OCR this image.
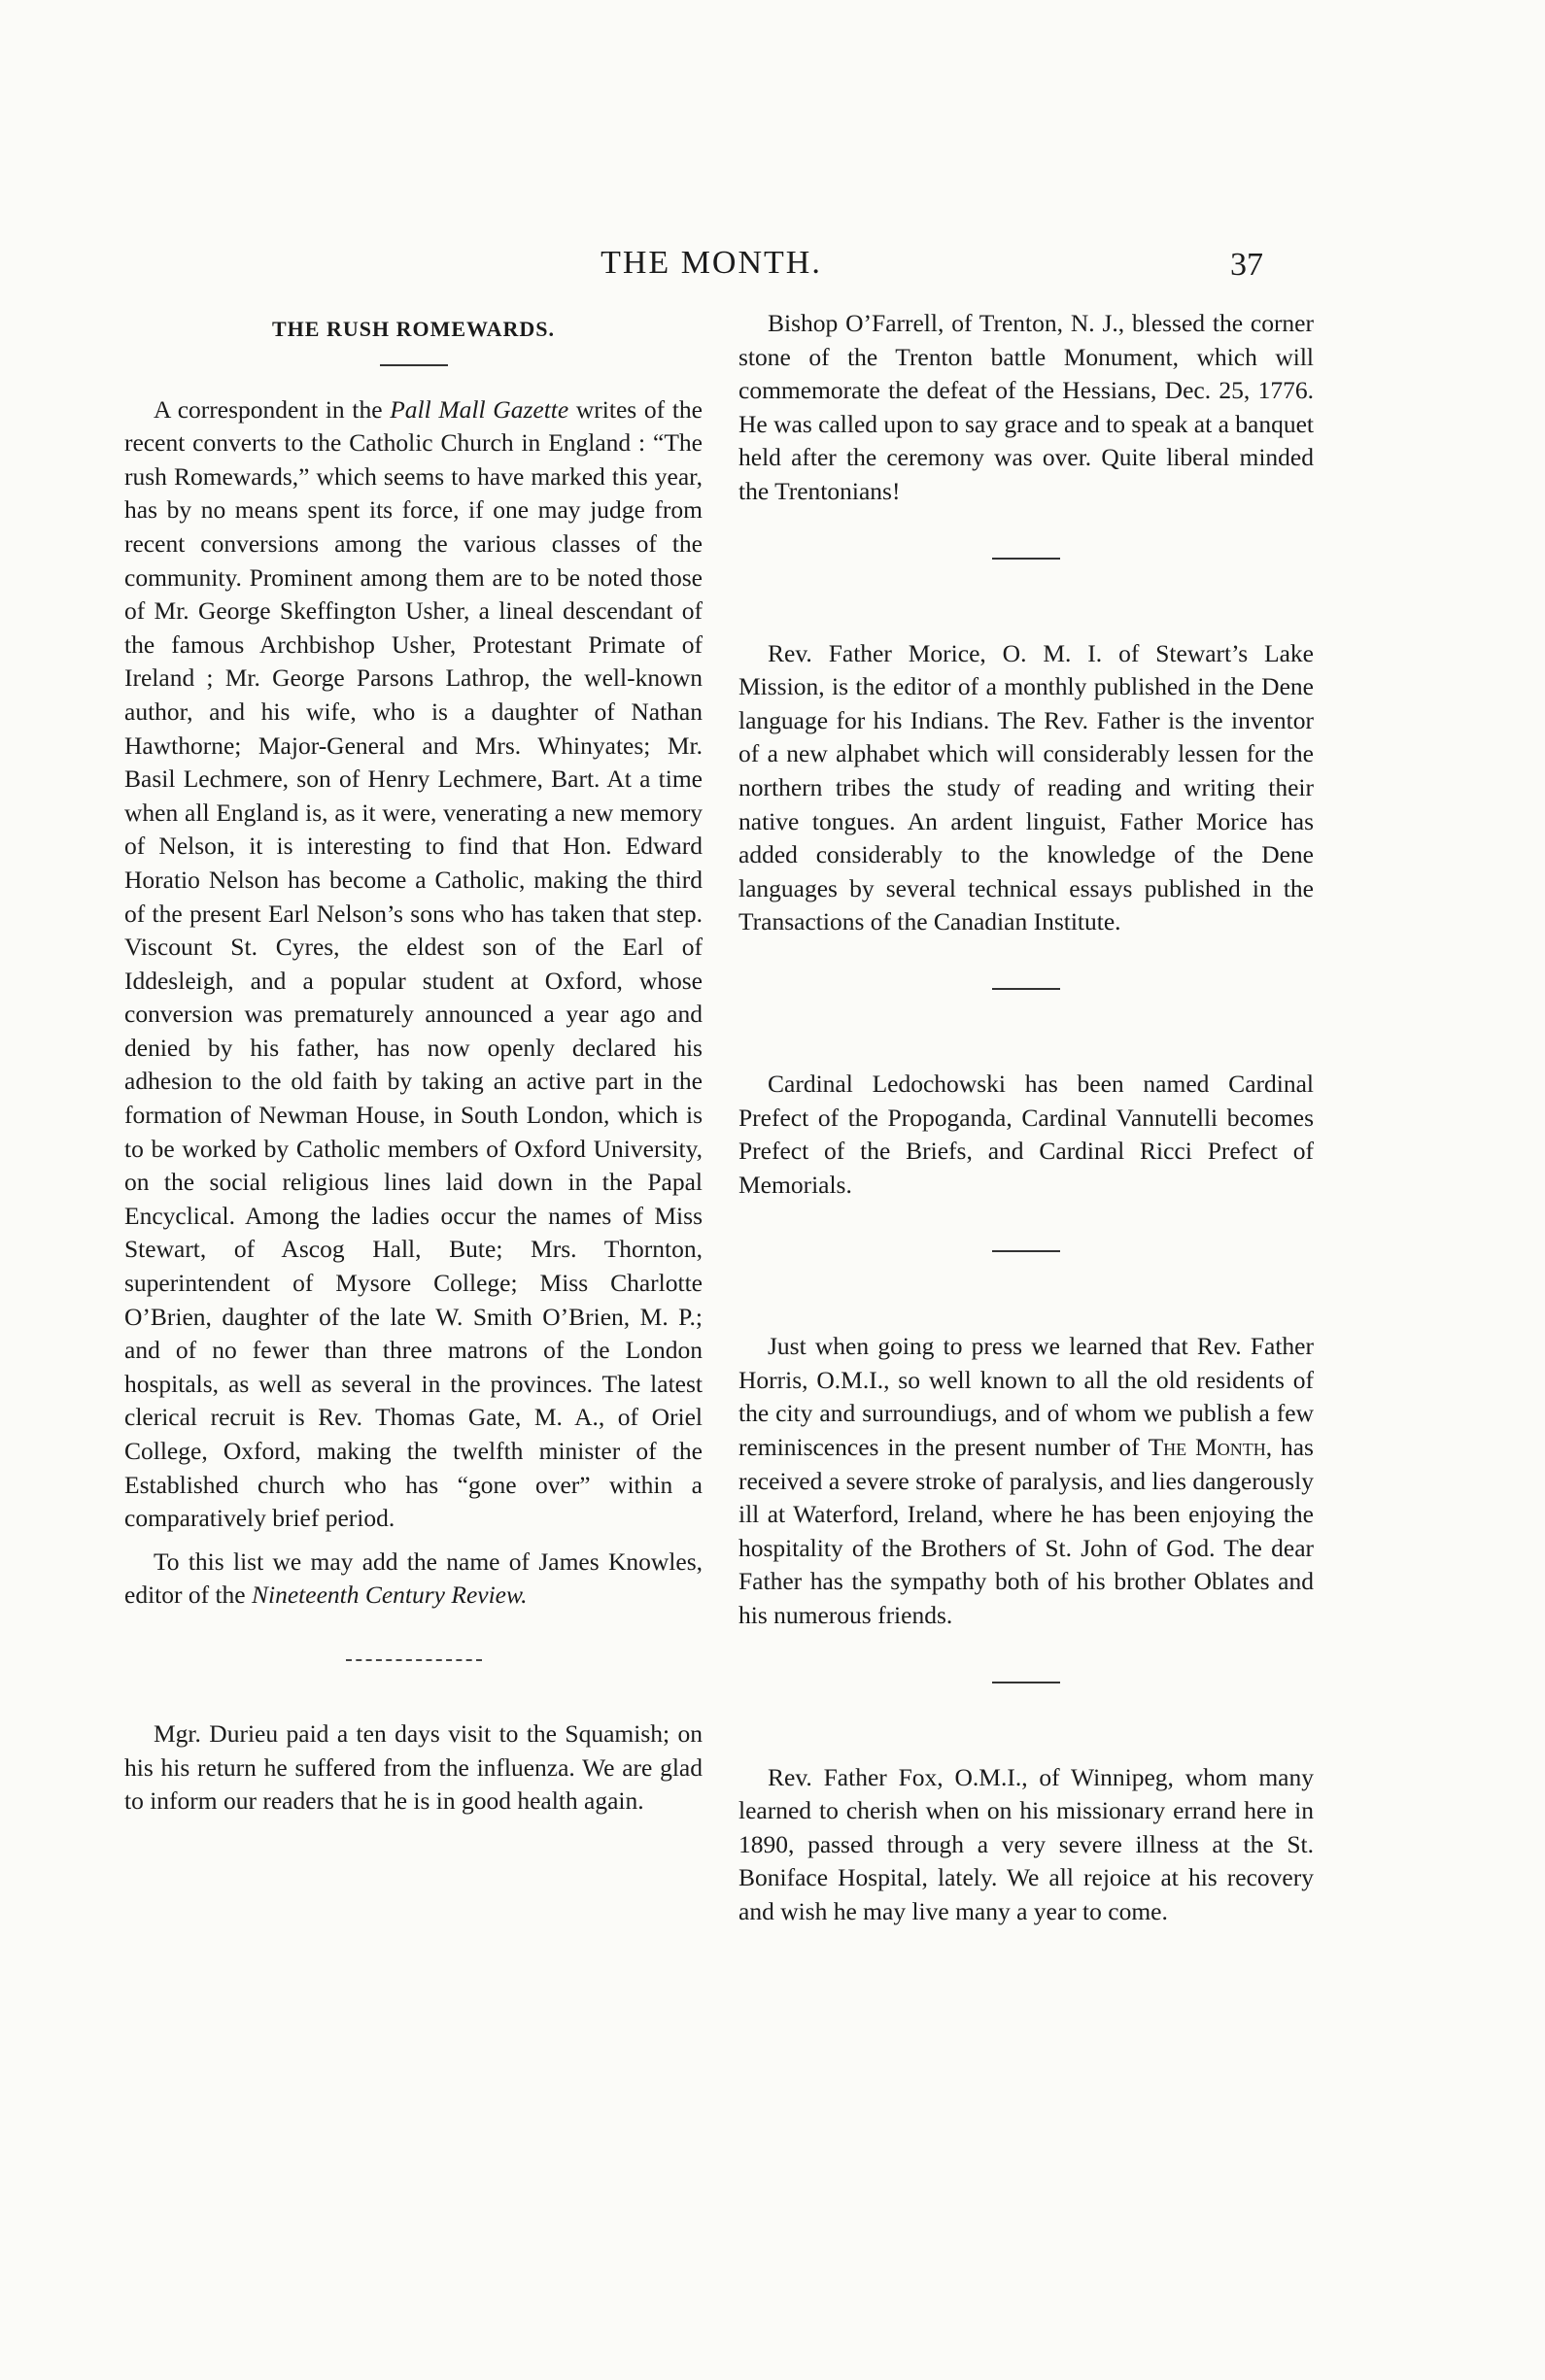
THE MONTH.	37
THE RUSH ROMEWARDS.

A correspondent in the Pall Mall Gazette writes of the recent converts to the Catholic Church in England : “The rush Romewards,” which seems to have marked this year, has by no means spent its force, if one may judge from recent conversions among the various classes of the community. Prominent among them are to be noted those of Mr. George Skeffington Usher, a lineal descendant of the famous Archbishop Usher, Protestant Primate of Ireland ; Mr. George Parsons Lathrop, the well-known author, and his wife, who is a daughter of Nathan Hawthorne; Major-General and Mrs. Whinyates; Mr. Basil Lechmere, son of Henry Lechmere, Bart. At a time when all England is, as it were, venerating a new memory of Nelson, it is interesting to find that Hon. Edward Horatio Nelson has become a Catholic, making the third of the present Earl Nelson’s sons who has taken that step. Viscount St. Cyres, the eldest son of the Earl of Iddesleigh, and a popular student at Oxford, whose conversion was prematurely announced a year ago and denied by his father, has now openly declared his adhesion to the old faith by taking an active part in the formation of Newman House, in South London, which is to be worked by Catholic members of Oxford University, on the social religious lines laid down in the Papal Encyclical. Among the ladies occur the names of Miss Stewart, of Ascog Hall, Bute; Mrs. Thornton, superintendent of Mysore College; Miss Charlotte O’Brien, daughter of the late W. Smith O’Brien, M. P.; and of no fewer than three matrons of the London hospitals, as well as several in the provinces. The latest clerical recruit is Rev. Thomas Gate, M. A., of Oriel College, Oxford, making the twelfth minister of the Established church who has “gone over” within a comparatively brief period.

To this list we may add the name of James Knowles, editor of the Nineteenth Century Review.

Mgr. Durieu paid a ten days visit to the Squamish; on his his return he suffered from the influenza. We are glad to inform our readers that he is in good health again.

Bishop O’Farrell, of Trenton, N. J., blessed the corner stone of the Trenton battle Monument, which will commemorate the defeat of the Hessians, Dec. 25, 1776. He was called upon to say grace and to speak at a banquet held after the ceremony was over. Quite liberal minded the Trentonians!

Rev. Father Morice, O. M. I. of Stewart’s Lake Mission, is the editor of a monthly published in the Dene language for his Indians. The Rev. Father is the inventor of a new alphabet which will considerably lessen for the northern tribes the study of reading and writing their native tongues. An ardent linguist, Father Morice has added considerably to the knowledge of the Dene languages by several technical essays published in the Transactions of the Canadian Institute.

Cardinal Ledochowski has been named Cardinal Prefect of the Propoganda, Cardinal Vannutelli becomes Prefect of the Briefs, and Cardinal Ricci Prefect of Memorials.

Just when going to press we learned that Rev. Father Horris, O.M.I., so well known to all the old residents of the city and surroundiugs, and of whom we publish a few reminiscences in the present number of The Month, has received a severe stroke of paralysis, and lies dangerously ill at Waterford, Ireland, where he has been enjoying the hospitality of the Brothers of St. John of God. The dear Father has the sympathy both of his brother Oblates and his numerous friends.

Rev. Father Fox, O.M.I., of Winnipeg, whom many learned to cherish when on his missionary errand here in 1890, passed through a very severe illness at the St. Boniface Hospital, lately. We all rejoice at his recovery and wish he may live many a year to come.
